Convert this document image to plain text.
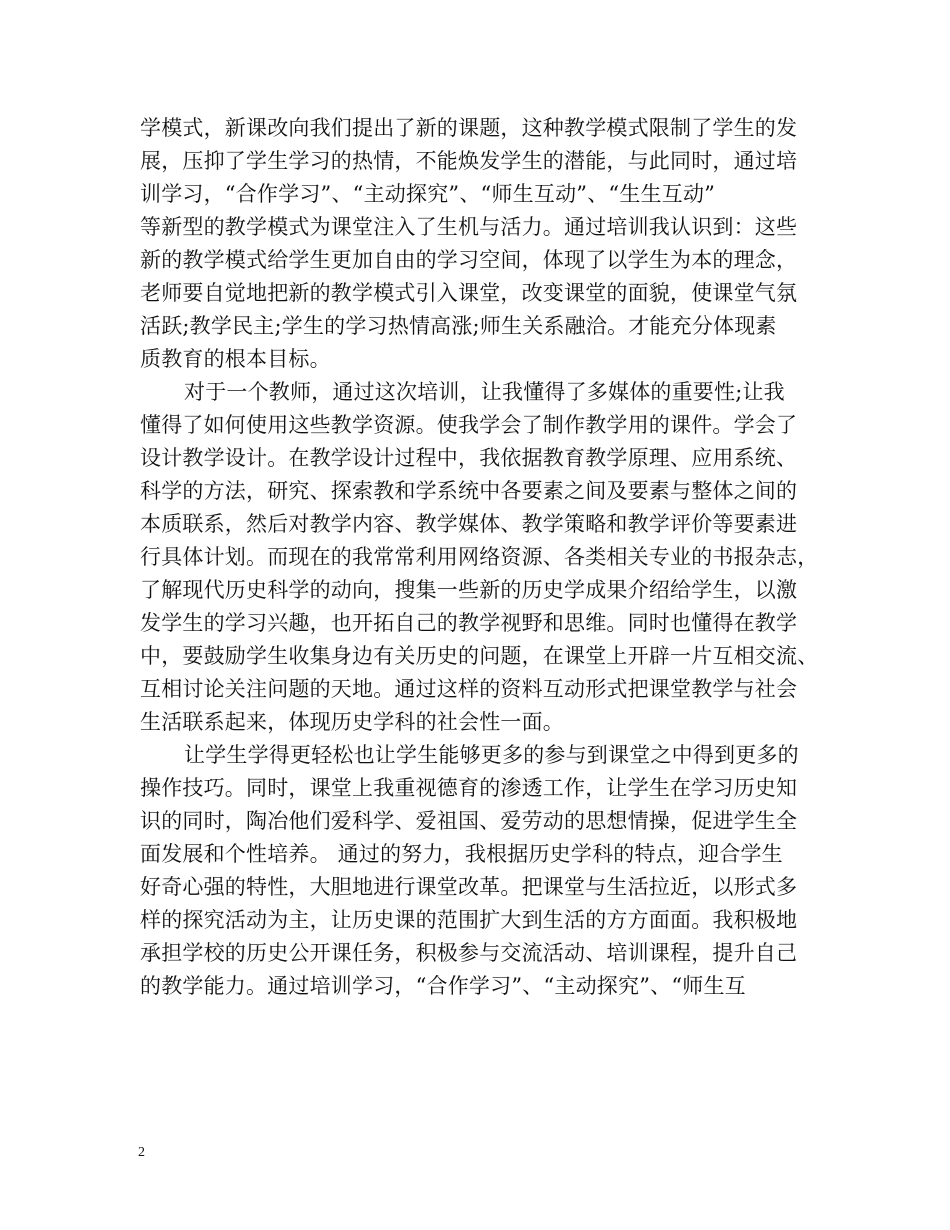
学模式，新课改向我们提出了新的课题，这种教学模式限制了学生的发
展，压抑了学生学习的热情，不能焕发学生的潜能，与此同时，通过培
训学习，“合作学习”、“主动探究”、“师生互动”、“生生互动”
等新型的教学模式为课堂注入了生机与活力。通过培训我认识到：这些
新的教学模式给学生更加自由的学习空间，体现了以学生为本的理念，
老师要自觉地把新的教学模式引入课堂，改变课堂的面貌，使课堂气氛
活跃;教学民主;学生的学习热情高涨;师生关系融洽。才能充分体现素
质教育的根本目标。
对于一个教师，通过这次培训，让我懂得了多媒体的重要性;让我
懂得了如何使用这些教学资源。使我学会了制作教学用的课件。学会了
设计教学设计。在教学设计过程中，我依据教育教学原理、应用系统、
科学的方法，研究、探索教和学系统中各要素之间及要素与整体之间的
本质联系，然后对教学内容、教学媒体、教学策略和教学评价等要素进
行具体计划。而现在的我常常利用网络资源、各类相关专业的书报杂志，
了解现代历史科学的动向，搜集一些新的历史学成果介绍给学生，以激
发学生的学习兴趣，也开拓自己的教学视野和思维。同时也懂得在教学
中，要鼓励学生收集身边有关历史的问题，在课堂上开辟一片互相交流、
互相讨论关注问题的天地。通过这样的资料互动形式把课堂教学与社会
生活联系起来，体现历史学科的社会性一面。
让学生学得更轻松也让学生能够更多的参与到课堂之中得到更多的
操作技巧。同时，课堂上我重视德育的渗透工作，让学生在学习历史知
识的同时，陶冶他们爱科学、爱祖国、爱劳动的思想情操，促进学生全
面发展和个性培养。 通过的努力，我根据历史学科的特点，迎合学生
好奇心强的特性，大胆地进行课堂改革。把课堂与生活拉近，以形式多
样的探究活动为主，让历史课的范围扩大到生活的方方面面。我积极地
承担学校的历史公开课任务，积极参与交流活动、培训课程，提升自己
的教学能力。通过培训学习，“合作学习”、“主动探究”、“师生互
2
